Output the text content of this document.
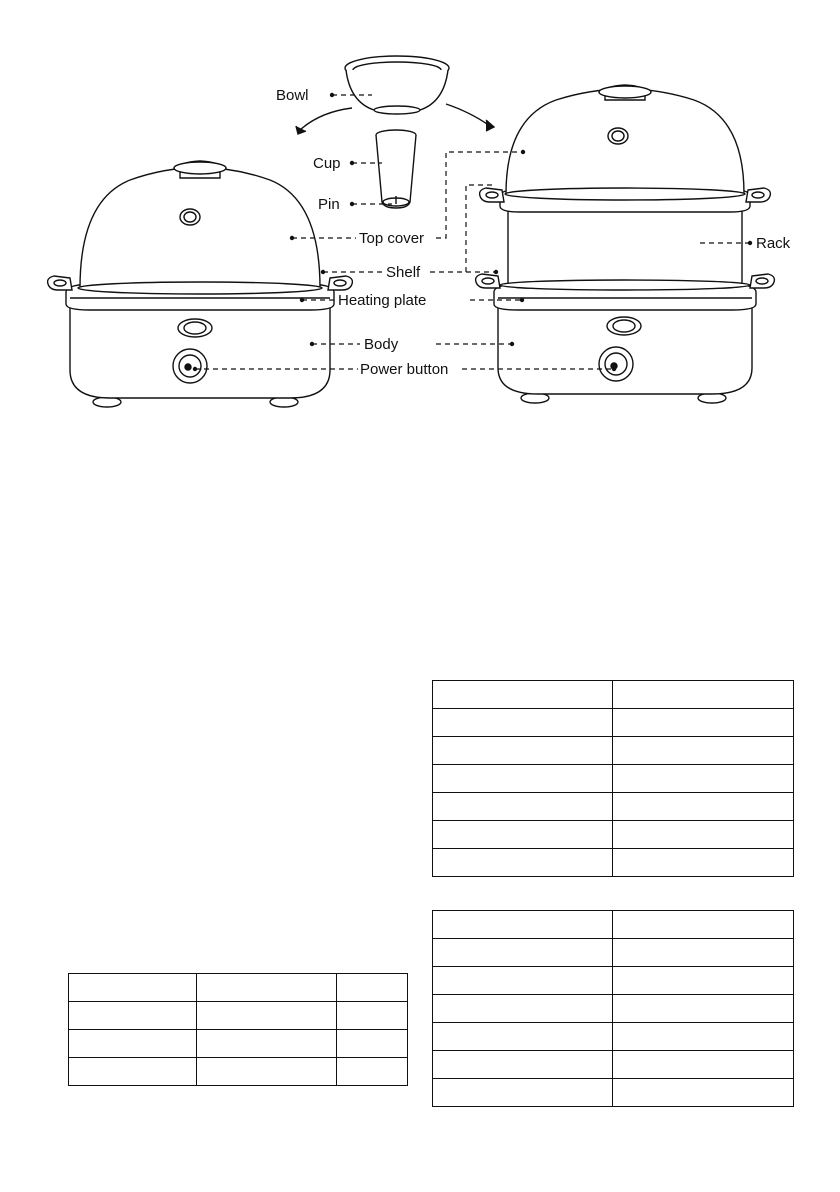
Bowl
Cup
Pin
Top cover
Shelf
Heating plate
Body
Power button
Rack
